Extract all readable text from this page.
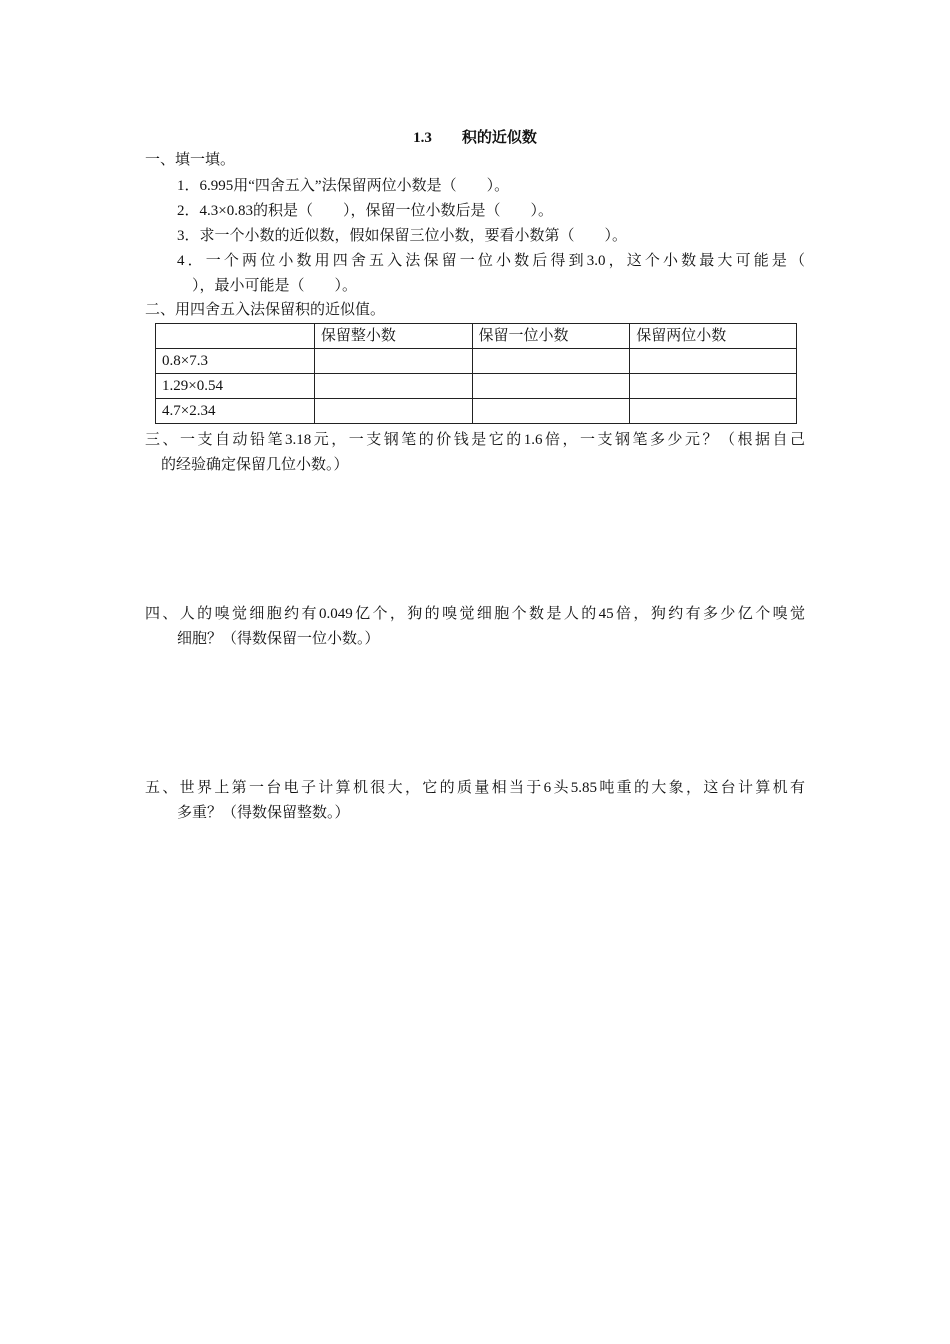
1.3 积的近似数
一、填一填。
1．6.995用“四舍五入”法保留两位小数是（　　）。
2．4.3×0.83的积是（　　），保留一位小数后是（　　）。
3．求一个小数的近似数，假如保留三位小数，要看小数第（　　）。
4．一个两位小数用四舍五入法保留一位小数后得到3.0，这个小数最大可能是（
　），最小可能是（　　）。
二、用四舍五入法保留积的近似值。
	保留整小数	保留一位小数	保留两位小数
0.8×7.3			
1.29×0.54			
4.7×2.34			
三、一支自动铅笔3.18元，一支钢笔的价钱是它的1.6倍，一支钢笔多少元？（根据自己
的经验确定保留几位小数。）
四、人的嗅觉细胞约有0.049亿个，狗的嗅觉细胞个数是人的45倍，狗约有多少亿个嗅觉
细胞？（得数保留一位小数。）
五、世界上第一台电子计算机很大，它的质量相当于6头5.85吨重的大象，这台计算机有
多重？（得数保留整数。）
